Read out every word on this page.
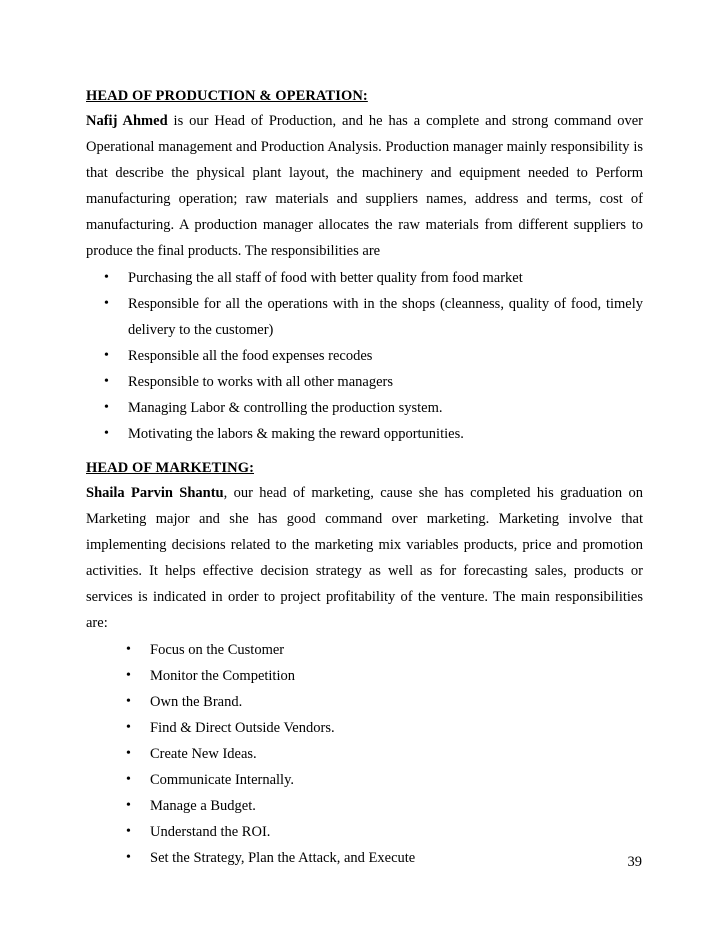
HEAD OF PRODUCTION & OPERATION:

Nafij Ahmed is our Head of Production, and he has a complete and strong command over Operational management and Production Analysis. Production manager mainly responsibility is that describe the physical plant layout, the machinery and equipment needed to Perform manufacturing operation; raw materials and suppliers names, address and terms, cost of manufacturing. A production manager allocates the raw materials from different suppliers to produce the final products. The responsibilities are

• Purchasing the all staff of food with better quality from food market
• Responsible for all the operations with in the shops (cleanness, quality of food, timely delivery to the customer)
• Responsible all the food expenses recodes
• Responsible to works with all other managers
• Managing Labor & controlling the production system.
• Motivating the labors & making the reward opportunities.

HEAD OF MARKETING:

Shaila Parvin Shantu, our head of marketing, cause she has completed his graduation on Marketing major and she has good command over marketing. Marketing involve that implementing decisions related to the marketing mix variables products, price and promotion activities. It helps effective decision strategy as well as for forecasting sales, products or services is indicated in order to project profitability of the venture. The main responsibilities are:

• Focus on the Customer
• Monitor the Competition
• Own the Brand.
• Find & Direct Outside Vendors.
• Create New Ideas.
• Communicate Internally.
• Manage a Budget.
• Understand the ROI.
• Set the Strategy, Plan the Attack, and Execute	39
